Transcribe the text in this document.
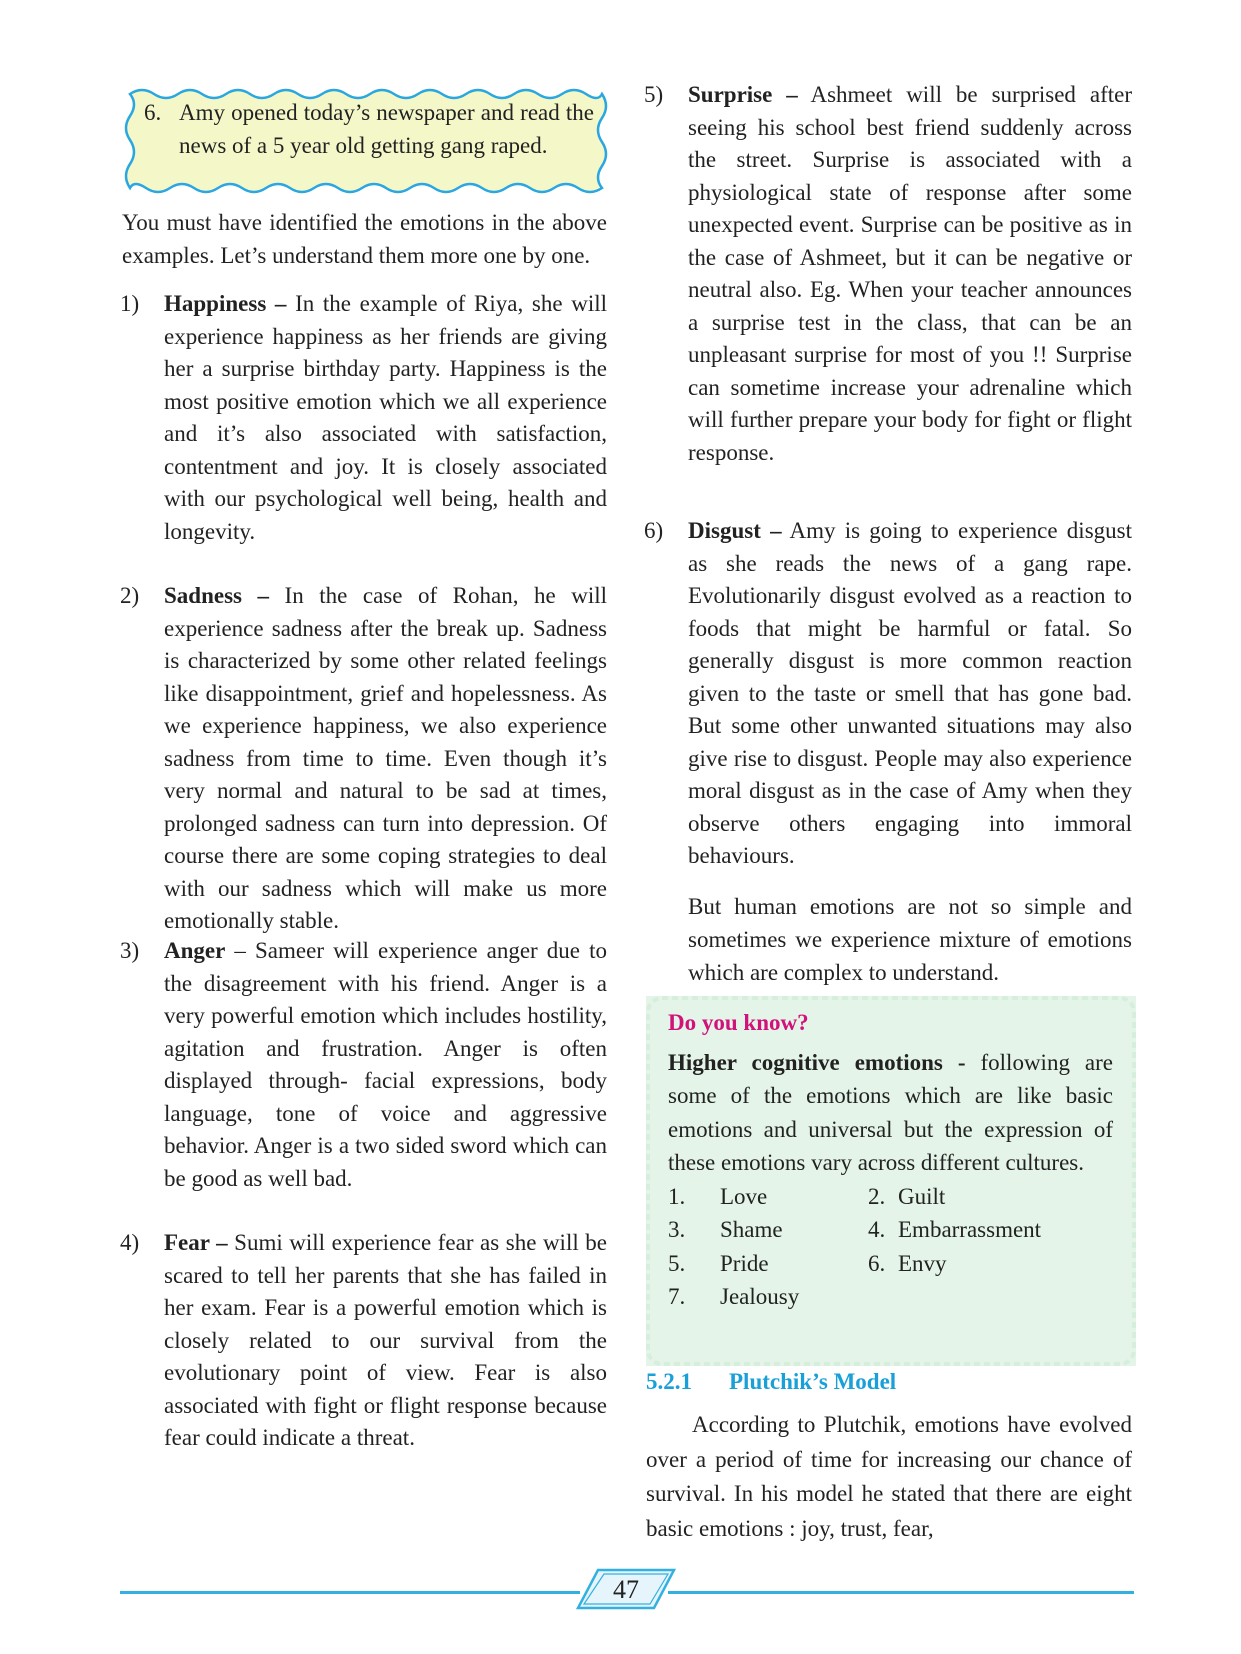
6. Amy opened today’s newspaper and read the news of a 5 year old getting gang raped.
You must have identified the emotions in the above examples. Let’s understand them more one by one.
1)	Happiness – In the example of Riya, she will experience happiness as her friends are giving her a surprise birthday party. Happiness is the most positive emotion which we all experience and it’s also associated with satisfaction, contentment and joy. It is closely associated with our psychological well being, health and longevity.
2)	Sadness – In the case of Rohan, he will experience sadness after the break up. Sadness is characterized by some other related feelings like disappointment, grief and hopelessness. As we experience happiness, we also experience sadness from time to time. Even though it’s very normal and natural to be sad at times, prolonged sadness can turn into depression. Of course there are some coping strategies to deal with our sadness which will make us more emotionally stable.
3)	Anger – Sameer will experience anger due to the disagreement with his friend. Anger is a very powerful emotion which includes hostility, agitation and frustration. Anger is often displayed through- facial expressions, body language, tone of voice and aggressive behavior. Anger is a two sided sword which can be good as well bad.
4)	Fear – Sumi will experience fear as she will be scared to tell her parents that she has failed in her exam. Fear is a powerful emotion which is closely related to our survival from the evolutionary point of view. Fear is also associated with fight or flight response because fear could indicate a threat.
5)	Surprise – Ashmeet will be surprised after seeing his school best friend suddenly across the street. Surprise is associated with a physiological state of response after some unexpected event. Surprise can be positive as in the case of Ashmeet, but it can be negative or neutral also. Eg. When your teacher announces a surprise test in the class, that can be an unpleasant surprise for most of you !! Surprise can sometime increase your adrenaline which will further prepare your body for fight or flight response.
6)	Disgust – Amy is going to experience disgust as she reads the news of a gang rape. Evolutionarily disgust evolved as a reaction to foods that might be harmful or fatal. So generally disgust is more common reaction given to the taste or smell that has gone bad. But some other unwanted situations may also give rise to disgust. People may also experience moral disgust as in the case of Amy when they observe others engaging into immoral behaviours.
But human emotions are not so simple and sometimes we experience mixture of emotions which are complex to understand.
Do you know?
Higher cognitive emotions - following are some of the emotions which are like basic emotions and universal but the expression of these emotions vary across different cultures.
1.	Love	2. Guilt
3.	Shame	4. Embarrassment
5.	Pride	6. Envy
7.	Jealousy
5.2.1 Plutchik’s Model
According to Plutchik, emotions have evolved over a period of time for increasing our chance of survival. In his model he stated that there are eight basic emotions : joy, trust, fear,
47
